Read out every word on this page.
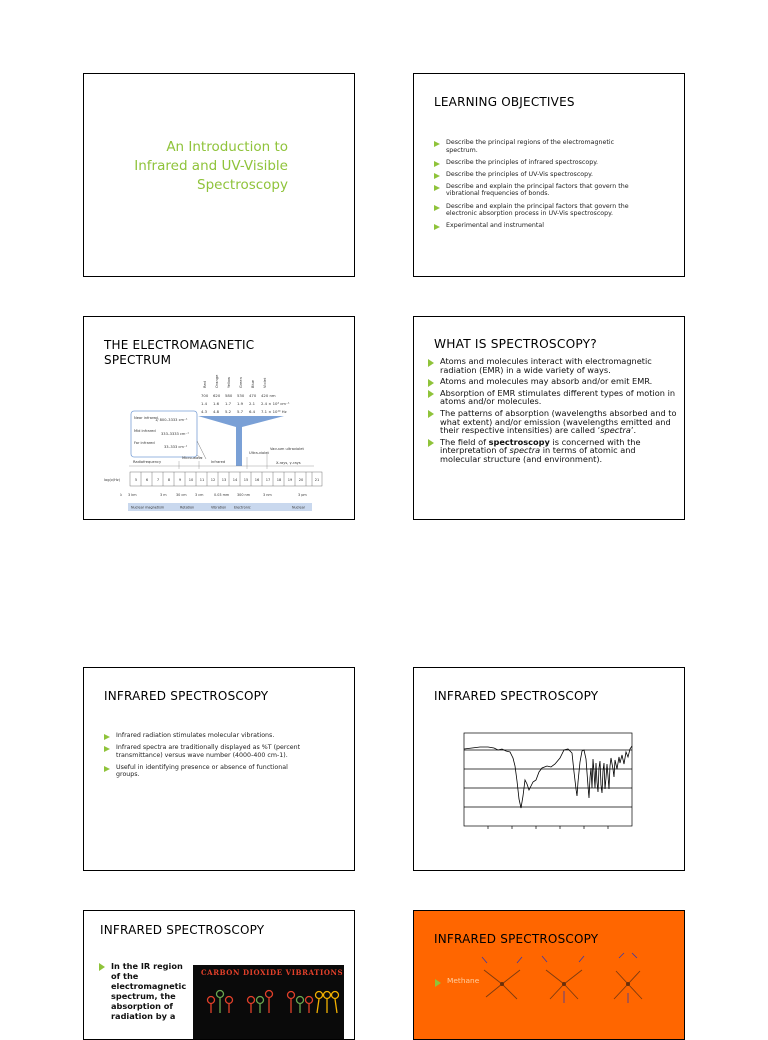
An Introduction to
Infrared and UV-Visible
Spectroscopy
LEARNING OBJECTIVES
Describe the principal regions of the electromagnetic spectrum.
Describe the principles of infrared spectroscopy.
Describe the principles of UV-Vis spectroscopy.
Describe and explain the principal factors that govern the vibrational frequencies of bonds.
Describe and explain the principal factors that govern the electronic absorption process in UV-Vis spectroscopy.
Experimental and instrumental
THE ELECTROMAGNETIC
SPECTRUM
Red Orange Yellow Green Blue Violet
700 620 580 530 470 420 nm
1.4 1.6 1.7 1.9 2.1 2.4 × 10⁴ cm⁻¹
4.3 4.8 5.2 5.7 6.4 7.1 × 10¹⁴ Hz
Near infrared
1/ 800–3333 cm⁻¹
Mid infrared
333–3333 cm⁻¹
Far infrared
33–333 cm⁻¹
Radiofrequency
Micro-wave
Infrared
Ultra-violet
Vacuum ultraviolet
X-rays, γ-rays
log(ν/Hz)	5 6 7 8 9 10 11 12 13 14 15 16 17 18 19 20	21
λ 3 km	3 m	30 cm 3 cm	0.03 mm 300 nm	3 nm	3 pm
Nuclear magnetism	Rotation	Vibration Electronic	Nuclear
WHAT IS SPECTROSCOPY?
Atoms and molecules interact with electromagnetic radiation (EMR) in a wide variety of ways.
Atoms and molecules may absorb and/or emit EMR.
Absorption of EMR stimulates different types of motion in atoms and/or molecules.
The patterns of absorption (wavelengths absorbed and to what extent) and/or emission (wavelengths emitted and their respective intensities) are called ‘spectra’.
The field of spectroscopy is concerned with the interpretation of spectra in terms of atomic and molecular structure (and environment).
INFRARED SPECTROSCOPY
Infrared radiation stimulates molecular vibrations.
Infrared spectra are traditionally displayed as %T (percent transmittance) versus wave number (4000-400 cm-1).
Useful in identifying presence or absence of functional groups.
INFRARED SPECTROSCOPY
INFRARED SPECTROSCOPY
In the IR region of the electromagnetic spectrum, the absorption of radiation by a
CARBON DIOXIDE VIBRATIONS
INFRARED SPECTROSCOPY
Methane
